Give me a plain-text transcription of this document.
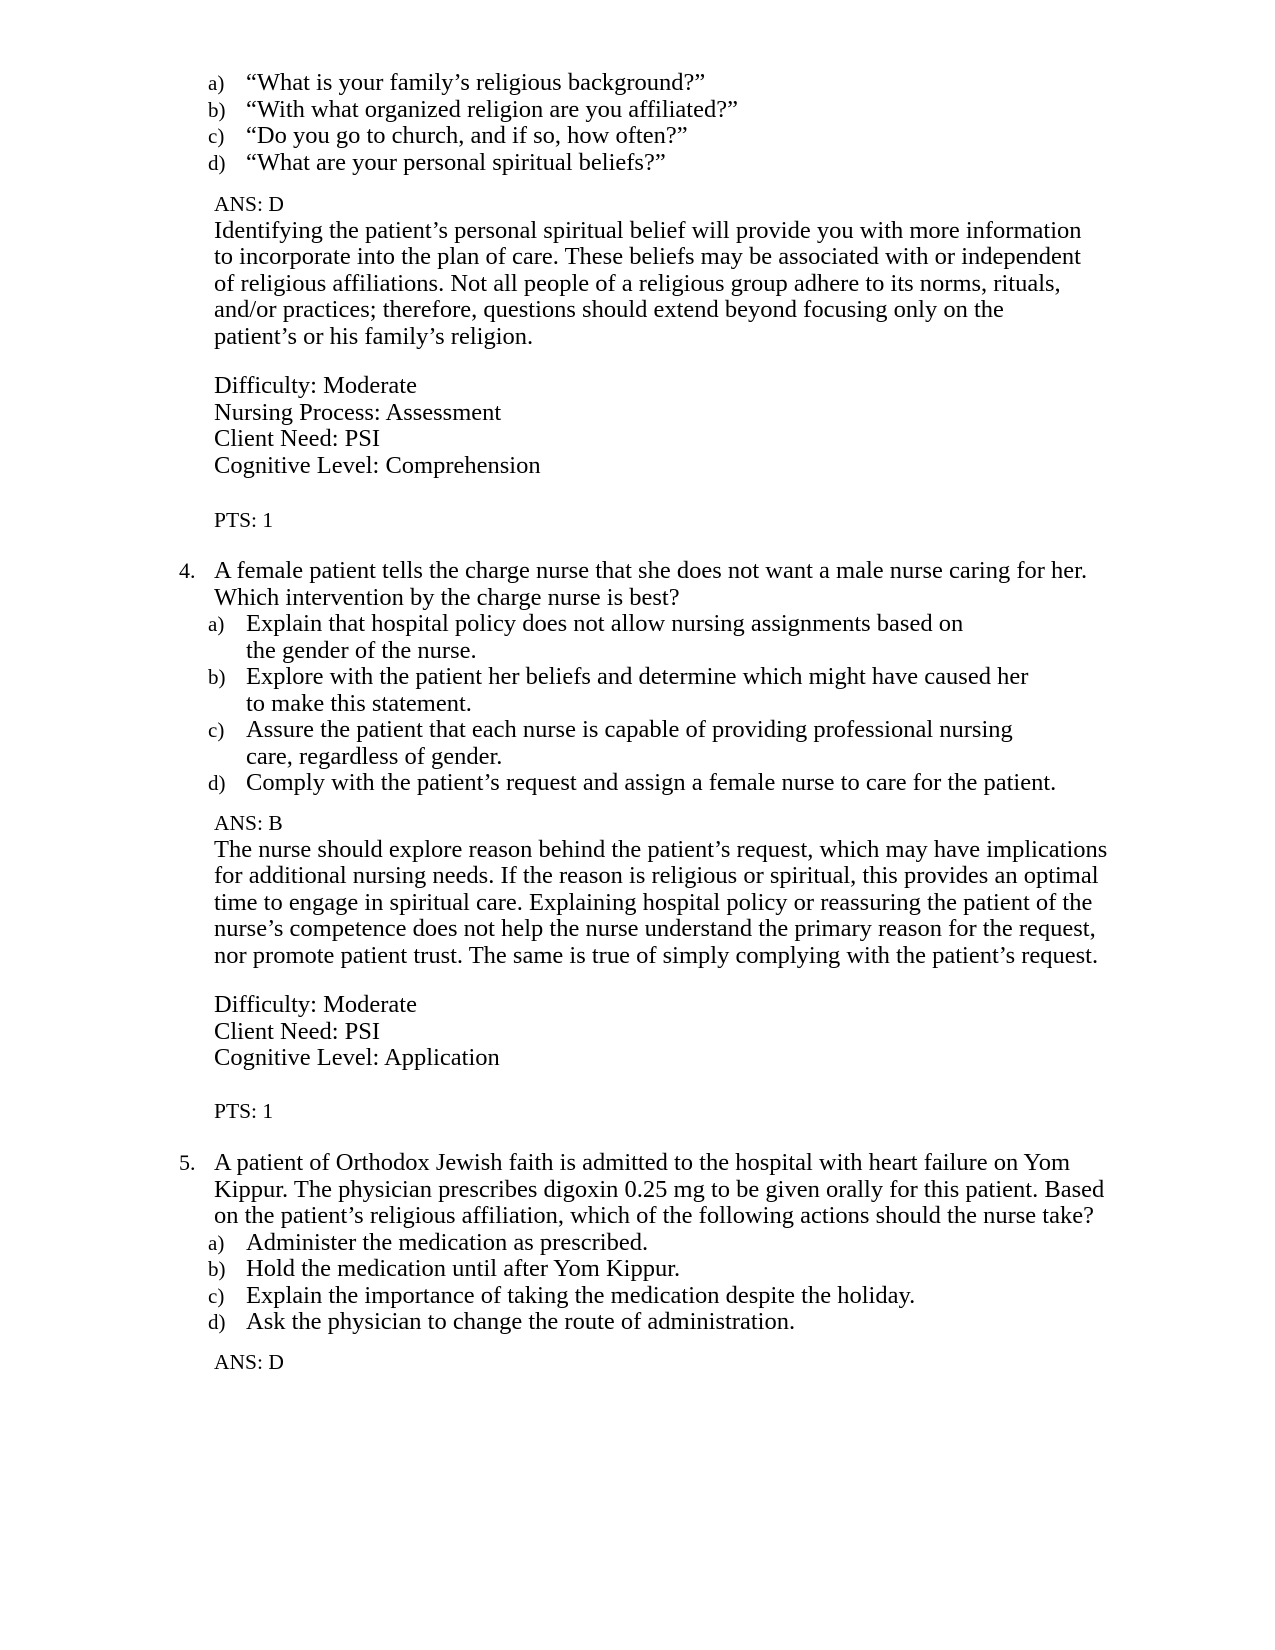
a) “What is your family’s religious background?”
b) “With what organized religion are you affiliated?”
c) “Do you go to church, and if so, how often?”
d) “What are your personal spiritual beliefs?”
ANS: D
Identifying the patient’s personal spiritual belief will provide you with more information to incorporate into the plan of care. These beliefs may be associated with or independent of religious affiliations. Not all people of a religious group adhere to its norms, rituals, and/or practices; therefore, questions should extend beyond focusing only on the patient’s or his family’s religion.
Difficulty: Moderate
Nursing Process: Assessment
Client Need: PSI
Cognitive Level: Comprehension
PTS: 1
4. A female patient tells the charge nurse that she does not want a male nurse caring for her. Which intervention by the charge nurse is best?
a) Explain that hospital policy does not allow nursing assignments based on the gender of the nurse.
b) Explore with the patient her beliefs and determine which might have caused her to make this statement.
c) Assure the patient that each nurse is capable of providing professional nursing care, regardless of gender.
d) Comply with the patient’s request and assign a female nurse to care for the patient.
ANS: B
The nurse should explore reason behind the patient’s request, which may have implications for additional nursing needs. If the reason is religious or spiritual, this provides an optimal time to engage in spiritual care. Explaining hospital policy or reassuring the patient of the nurse’s competence does not help the nurse understand the primary reason for the request, nor promote patient trust. The same is true of simply complying with the patient’s request.
Difficulty: Moderate
Client Need: PSI
Cognitive Level: Application
PTS: 1
5. A patient of Orthodox Jewish faith is admitted to the hospital with heart failure on Yom Kippur. The physician prescribes digoxin 0.25 mg to be given orally for this patient. Based on the patient’s religious affiliation, which of the following actions should the nurse take?
a) Administer the medication as prescribed.
b) Hold the medication until after Yom Kippur.
c) Explain the importance of taking the medication despite the holiday.
d) Ask the physician to change the route of administration.
ANS: D
